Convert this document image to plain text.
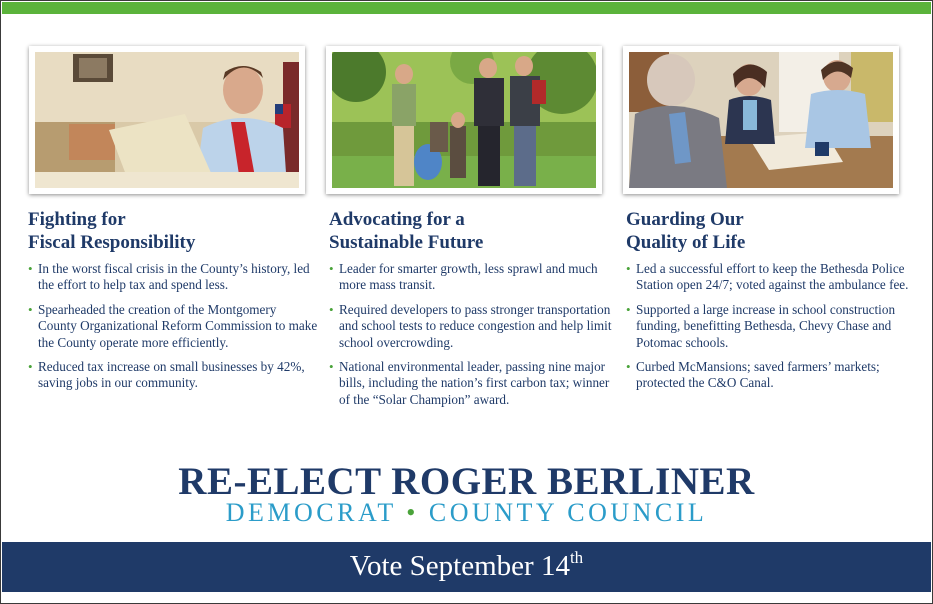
Fighting for
Fiscal Responsibility
• In the worst fiscal crisis in the County’s history, led the effort to help tax and spend less.
• Spearheaded the creation of the Montgomery County Organizational Reform Commission to make the County operate more efficiently.
• Reduced tax increase on small businesses by 42%, saving jobs in our community.
Advocating for a
Sustainable Future
• Leader for smarter growth, less sprawl and much more mass transit.
• Required developers to pass stronger transportation and school tests to reduce congestion and help limit school overcrowding.
• National environmental leader, passing nine major bills, including the nation’s first carbon tax; winner of the “Solar Champion” award.
Guarding Our
Quality of Life
• Led a successful effort to keep the Bethesda Police Station open 24/7; voted against the ambulance fee.
• Supported a large increase in school construction funding, benefitting Bethesda, Chevy Chase and Potomac schools.
• Curbed McMansions; saved farmers’ markets; protected the C&O Canal.
RE-ELECT ROGER BERLINER
DEMOCRAT • COUNTY COUNCIL
Vote September 14th
